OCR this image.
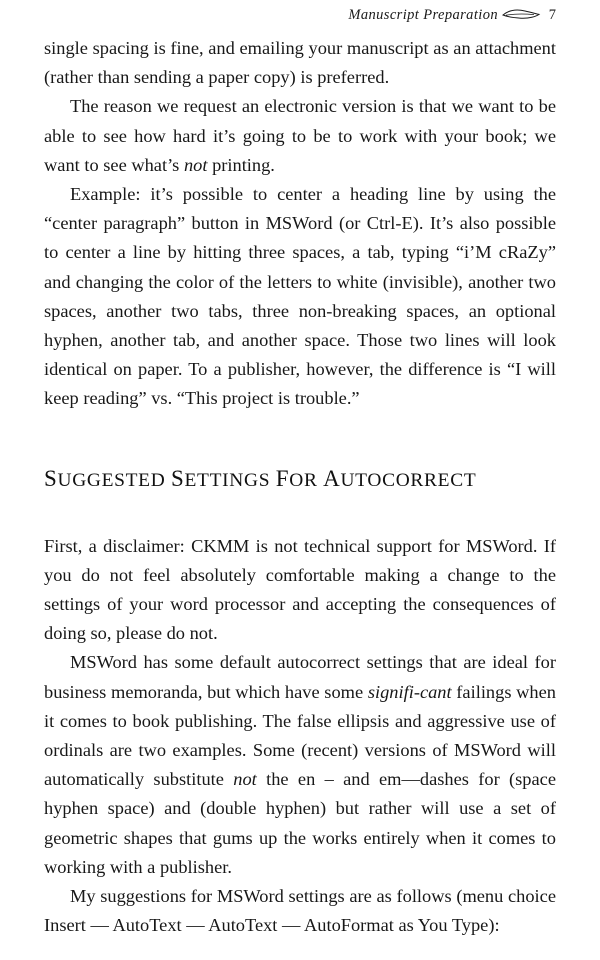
Manuscript Preparation	7

single spacing is fine, and emailing your manuscript as an attachment (rather than sending a paper copy) is preferred.

The reason we request an electronic version is that we want to be able to see how hard it’s going to be to work with your book; we want to see what’s not printing.

Example: it’s possible to center a heading line by using the “center paragraph” button in MSWord (or Ctrl-E). It’s also possible to center a line by hitting three spaces, a tab, typing “i’M cRaZy” and changing the color of the letters to white (invisible), another two spaces, another two tabs, three non-breaking spaces, an optional hyphen, another tab, and another space. Those two lines will look identical on paper. To a publisher, however, the difference is “I will keep reading” vs. “This project is trouble.”

SUGGESTED SETTINGS FOR AUTOCORRECT

First, a disclaimer: CKMM is not technical support for MSWord. If you do not feel absolutely comfortable making a change to the settings of your word processor and accepting the consequences of doing so, please do not.

MSWord has some default autocorrect settings that are ideal for business memoranda, but which have some signifi-cant failings when it comes to book publishing. The false ellipsis and aggressive use of ordinals are two examples. Some (recent) versions of MSWord will automatically substitute not the en – and em—dashes for (space hyphen space) and (double hyphen) but rather will use a set of geometric shapes that gums up the works entirely when it comes to working with a publisher.

My suggestions for MSWord settings are as follows (menu choice Insert — AutoText — AutoText — AutoFormat as You Type):
